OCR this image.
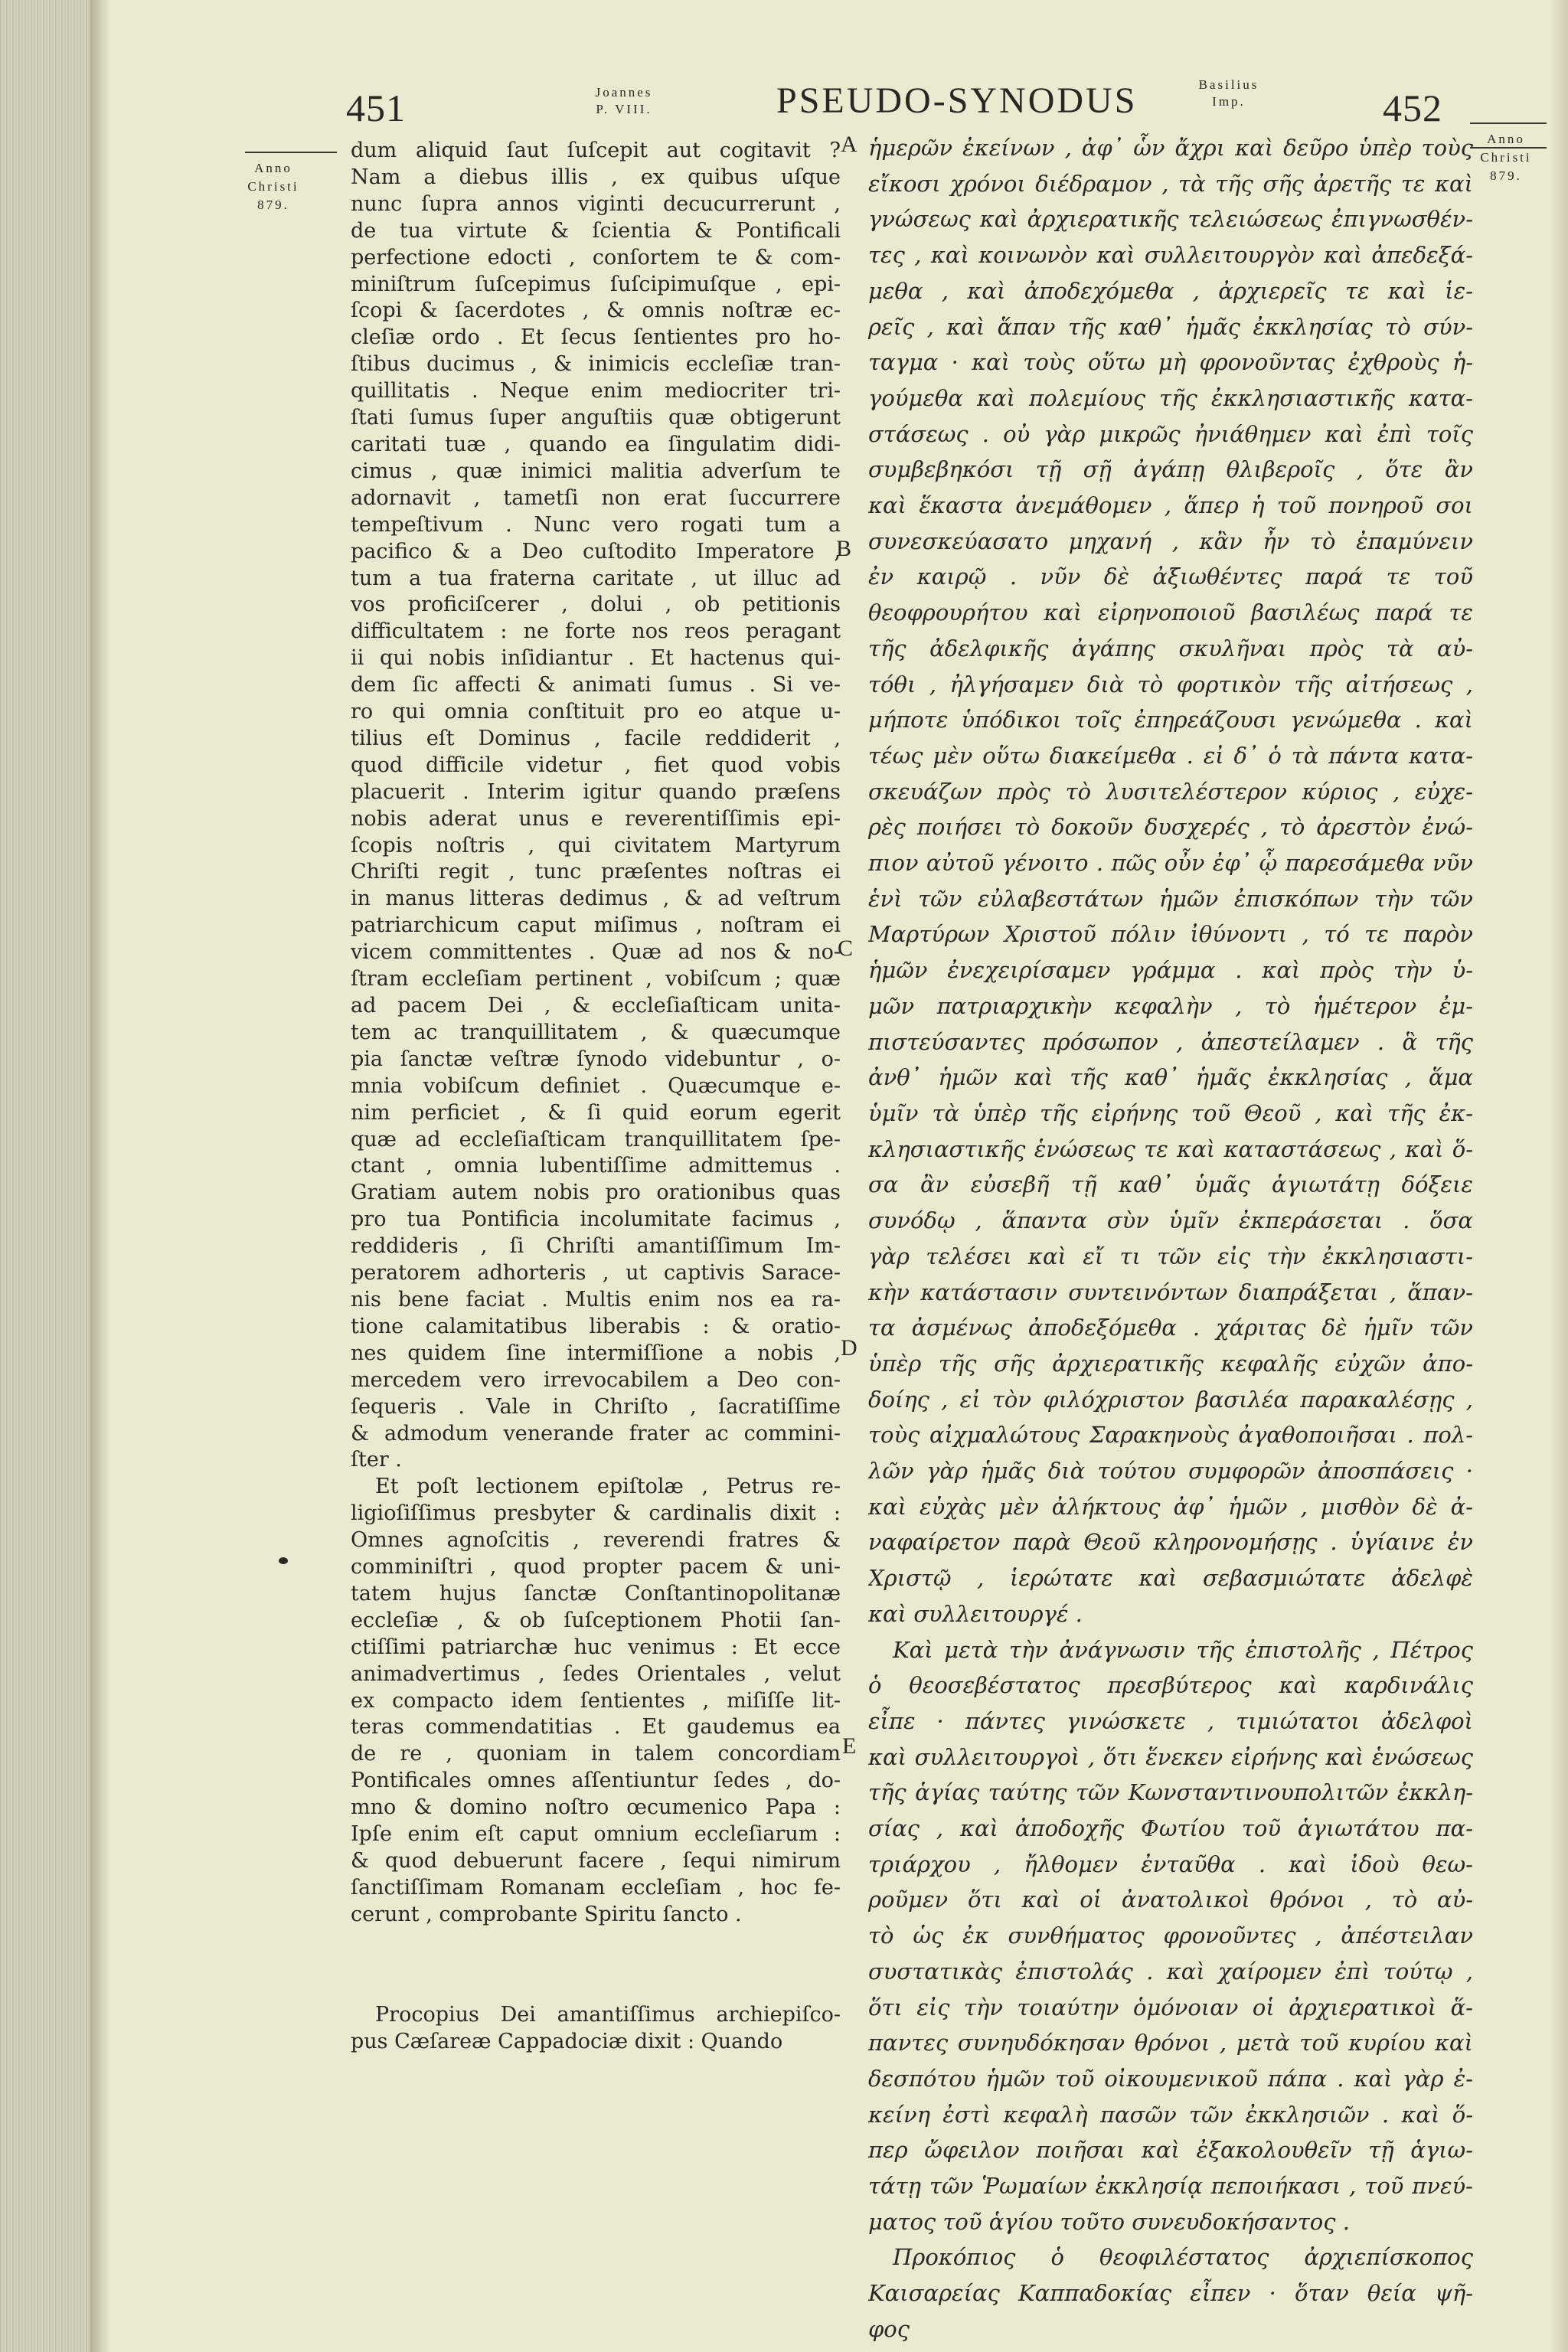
451	Joannes
P. VIII.	PSEUDO-SYNODUS	Basilius
Imp.	452
Anno
Christi
879.
Anno
Christi
879.
A
B
C
D
E

dum aliquid ſaut ſuſcepit aut cogitavit ?
Nam a diebus illis , ex quibus uſque
nunc ſupra annos viginti decucurrerunt ,
de tua virtute & ſcientia & Pontificali
perfectione edocti , conſortem te & com-
miniſtrum ſuſcepimus ſuſcipimuſque , epi-
ſcopi & ſacerdotes , & omnis noſtræ ec-
cleſiæ ordo . Et ſecus ſentientes pro ho-
ſtibus ducimus , & inimicis eccleſiæ tran-
quillitatis . Neque enim mediocriter tri-
ſtati ſumus ſuper anguſtiis quæ obtigerunt
caritati tuæ , quando ea ſingulatim didi-
cimus , quæ inimici malitia adverſum te
adornavit , tametſi non erat ſuccurrere
tempeſtivum . Nunc vero rogati tum a
pacifico & a Deo cuſtodito Imperatore ,
tum a tua fraterna caritate , ut illuc ad
vos proficiſcerer , dolui , ob petitionis
difficultatem : ne forte nos reos peragant
ii qui nobis inſidiantur . Et hactenus qui-
dem ſic affecti & animati ſumus . Si ve-
ro qui omnia conſtituit pro eo atque u-
tilius eſt Dominus , facile reddiderit ,
quod difficile videtur , fiet quod vobis
placuerit . Interim igitur quando præſens
nobis aderat unus e reverentiſſimis epi-
ſcopis noſtris , qui civitatem Martyrum
Chriſti regit , tunc præſentes noſtras ei
in manus litteras dedimus , & ad veſtrum
patriarchicum caput miſimus , noſtram ei
vicem committentes . Quæ ad nos & no-
ſtram eccleſiam pertinent , vobiſcum ; quæ
ad pacem Dei , & eccleſiaſticam unita-
tem ac tranquillitatem , & quæcumque
pia ſanctæ veſtræ ſynodo videbuntur , o-
mnia vobiſcum definiet . Quæcumque e-
nim perficiet , & ſi quid eorum egerit
quæ ad eccleſiaſticam tranquillitatem ſpe-
ctant , omnia lubentiſſime admittemus .
Gratiam autem nobis pro orationibus quas
pro tua Pontificia incolumitate facimus ,
reddideris , ſi Chriſti amantiſſimum Im-
peratorem adhorteris , ut captivis Sarace-
nis bene faciat . Multis enim nos ea ra-
tione calamitatibus liberabis : & oratio-
nes quidem ſine intermiſſione a nobis ,
mercedem vero irrevocabilem a Deo con-
ſequeris . Vale in Chriſto , ſacratiſſime
& admodum venerande frater ac commini-
ſter .

Et poſt lectionem epiſtolæ , Petrus re-
ligioſiſſimus presbyter & cardinalis dixit :
Omnes agnoſcitis , reverendi fratres &
comminiſtri , quod propter pacem & uni-
tatem hujus ſanctæ Conſtantinopolitanæ
eccleſiæ , & ob ſuſceptionem Photii ſan-
ctiſſimi patriarchæ huc venimus : Et ecce
animadvertimus , ſedes Orientales , velut
ex compacto idem ſentientes , miſiſſe lit-
teras commendatitias . Et gaudemus ea
de re , quoniam in talem concordiam
Pontificales omnes aſſentiuntur ſedes , do-
mno & domino noſtro œcumenico Papa :
Ipſe enim eſt caput omnium eccleſiarum :
& quod debuerunt facere , ſequi nimirum
ſanctiſſimam Romanam eccleſiam , hoc fe-
cerunt , comprobante Spiritu ſancto .

Procopius Dei amantiſſimus archiepiſco-
pus Cæſareæ Cappadociæ dixit : Quando

ἡμερῶν ἐκείνων , ἀφ᾽ ὧν ἄχρι καὶ δεῦρο ὑπὲρ τοὺς
εἴκοσι χρόνοι διέδραμον , τὰ τῆς σῆς ἀρετῆς τε καὶ
γνώσεως καὶ ἀρχιερατικῆς τελειώσεως ἐπιγνωσθέν-
τες , καὶ κοινωνὸν καὶ συλλειτουργὸν καὶ ἀπεδεξά-
μεθα , καὶ ἀποδεχόμεθα , ἀρχιερεῖς τε καὶ ἱε-
ρεῖς , καὶ ἅπαν τῆς καθ᾽ ἡμᾶς ἐκκλησίας τὸ σύν-
ταγμα · καὶ τοὺς οὕτω μὴ φρονοῦντας ἐχθροὺς ἡ-
γούμεθα καὶ πολεμίους τῆς ἐκκλησιαστικῆς κατα-
στάσεως . οὐ γὰρ μικρῶς ἠνιάθημεν καὶ ἐπὶ τοῖς
συμβεβηκόσι τῇ σῇ ἀγάπῃ θλιβεροῖς , ὅτε ἂν
καὶ ἕκαστα ἀνεμάθομεν , ἅπερ ἡ τοῦ πονηροῦ σοι
συνεσκεύασατο μηχανή , κἂν ἦν τὸ ἐπαμύνειν
ἐν καιρῷ . νῦν δὲ ἀξιωθέντες παρά τε τοῦ
θεοφρουρήτου καὶ εἰρηνοποιοῦ βασιλέως παρά τε
τῆς ἀδελφικῆς ἀγάπης σκυλῆναι πρὸς τὰ αὐ-
τόθι , ἠλγήσαμεν διὰ τὸ φορτικὸν τῆς αἰτήσεως ,
μήποτε ὑπόδικοι τοῖς ἐπηρεάζουσι γενώμεθα . καὶ
τέως μὲν οὕτω διακείμεθα . εἰ δ᾽ ὁ τὰ πάντα κατα-
σκευάζων πρὸς τὸ λυσιτελέστερον κύριος , εὐχε-
ρὲς ποιήσει τὸ δοκοῦν δυσχερές , τὸ ἀρεστὸν ἐνώ-
πιον αὐτοῦ γένοιτο . πῶς οὖν ἐφ᾽ ᾧ παρεσάμεθα νῦν
ἑνὶ τῶν εὐλαβεστάτων ἡμῶν ἐπισκόπων τὴν τῶν
Μαρτύρων Χριστοῦ πόλιν ἰθύνοντι , τό τε παρὸν
ἡμῶν ἐνεχειρίσαμεν γράμμα . καὶ πρὸς τὴν ὑ-
μῶν πατριαρχικὴν κεφαλὴν , τὸ ἡμέτερον ἐμ-
πιστεύσαντες πρόσωπον , ἀπεστείλαμεν . ἃ τῆς
ἀνθ᾽ ἡμῶν καὶ τῆς καθ᾽ ἡμᾶς ἐκκλησίας , ἅμα
ὑμῖν τὰ ὑπὲρ τῆς εἰρήνης τοῦ Θεοῦ , καὶ τῆς ἐκ-
κλησιαστικῆς ἑνώσεως τε καὶ καταστάσεως , καὶ ὅ-
σα ἂν εὐσεβῆ τῇ καθ᾽ ὑμᾶς ἁγιωτάτῃ δόξειε
συνόδῳ , ἅπαντα σὺν ὑμῖν ἐκπεράσεται . ὅσα
γὰρ τελέσει καὶ εἴ τι τῶν εἰς τὴν ἐκκλησιαστι-
κὴν κατάστασιν συντεινόντων διαπράξεται , ἅπαν-
τα ἀσμένως ἀποδεξόμεθα . χάριτας δὲ ἡμῖν τῶν
ὑπὲρ τῆς σῆς ἀρχιερατικῆς κεφαλῆς εὐχῶν ἀπο-
δοίης , εἰ τὸν φιλόχριστον βασιλέα παρακαλέσῃς ,
τοὺς αἰχμαλώτους Σαρακηνοὺς ἀγαθοποιῆσαι . πολ-
λῶν γὰρ ἡμᾶς διὰ τούτου συμφορῶν ἀποσπάσεις ·
καὶ εὐχὰς μὲν ἀλήκτους ἀφ᾽ ἡμῶν , μισθὸν δὲ ἀ-
ναφαίρετον παρὰ Θεοῦ κληρονομήσῃς . ὑγίαινε ἐν
Χριστῷ , ἱερώτατε καὶ σεβασμιώτατε ἀδελφὲ
καὶ συλλειτουργέ .

Καὶ μετὰ τὴν ἀνάγνωσιν τῆς ἐπιστολῆς , Πέτρος
ὁ θεοσεβέστατος πρεσβύτερος καὶ καρδινάλις
εἶπε · πάντες γινώσκετε , τιμιώτατοι ἀδελφοὶ
καὶ συλλειτουργοὶ , ὅτι ἕνεκεν εἰρήνης καὶ ἑνώσεως
τῆς ἁγίας ταύτης τῶν Κωνσταντινουπολιτῶν ἐκκλη-
σίας , καὶ ἀποδοχῆς Φωτίου τοῦ ἁγιωτάτου πα-
τριάρχου , ἤλθομεν ἐνταῦθα . καὶ ἰδοὺ θεω-
ροῦμεν ὅτι καὶ οἱ ἀνατολικοὶ θρόνοι , τὸ αὐ-
τὸ ὡς ἐκ συνθήματος φρονοῦντες , ἀπέστειλαν
συστατικὰς ἐπιστολάς . καὶ χαίρομεν ἐπὶ τούτῳ ,
ὅτι εἰς τὴν τοιαύτην ὁμόνοιαν οἱ ἀρχιερατικοὶ ἅ-
παντες συνηυδόκησαν θρόνοι , μετὰ τοῦ κυρίου καὶ
δεσπότου ἡμῶν τοῦ οἰκουμενικοῦ πάπα . καὶ γὰρ ἐ-
κείνη ἐστὶ κεφαλὴ πασῶν τῶν ἐκκλησιῶν . καὶ ὅ-
περ ὤφειλον ποιῆσαι καὶ ἐξακολουθεῖν τῇ ἁγιω-
τάτῃ τῶν Ῥωμαίων ἐκκλησίᾳ πεποιήκασι , τοῦ πνεύ-
ματος τοῦ ἁγίου τοῦτο συνευδοκήσαντος .

Προκόπιος ὁ θεοφιλέστατος ἀρχιεπίσκοπος
Καισαρείας Καππαδοκίας εἶπεν · ὅταν θεία ψῆ-
φος
